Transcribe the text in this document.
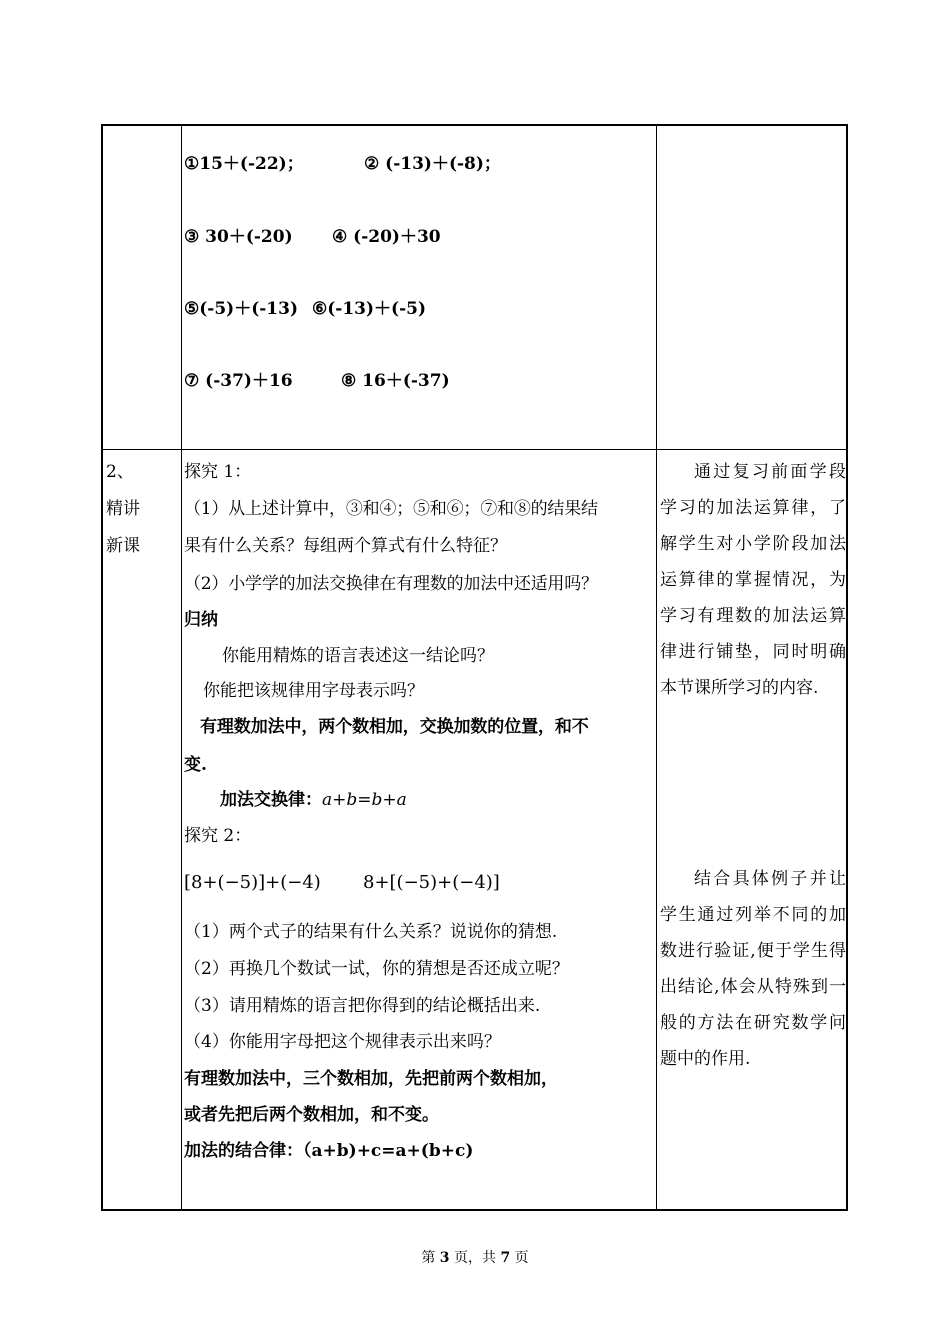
①15＋(-22)；	② (-13)＋(-8)；
③ 30＋(-20) ④ (-20)＋30
⑤(-5)＋(-13) ⑥(-13)＋(-5)
⑦ (-37)＋16	⑧ 16＋(-37)
2、
精讲
新课
探究 1：
（1）从上述计算中，③和④；⑤和⑥；⑦和⑧的结果结
果有什么关系？每组两个算式有什么特征？
（2）小学学的加法交换律在有理数的加法中还适用吗？
归纳
你能用精炼的语言表述这一结论吗？
你能把该规律用字母表示吗？
有理数加法中，两个数相加，交换加数的位置，和不
变.
加法交换律：a+b=b+a
探究 2：
[8+(−5)]+(−4) 8+[(−5)+(−4)]
（1）两个式子的结果有什么关系？说说你的猜想.
（2）再换几个数试一试，你的猜想是否还成立呢？
（3）请用精炼的语言把你得到的结论概括出来.
（4）你能用字母把这个规律表示出来吗？
有理数加法中，三个数相加，先把前两个数相加，
或者先把后两个数相加，和不变。
加法的结合律：（a+b)+c=a+(b+c)

通过复习前面学段学习的加法运算律，了解学生对小学阶段加法运算律的掌握情况，为学习有理数的加法运算律进行铺垫，同时明确本节课所学习的内容.

结合具体例子并让学生通过列举不同的加数进行验证,便于学生得出结论,体会从特殊到一般的方法在研究数学问题中的作用.

第 3 页，共 7 页
